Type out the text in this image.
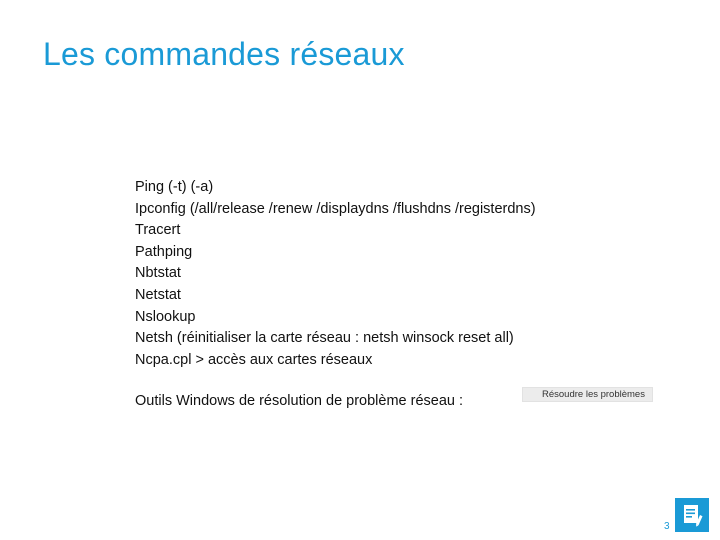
Les commandes réseaux
Ping (-t) (-a)
Ipconfig (/all/release /renew /displaydns /flushdns /registerdns)
Tracert
Pathping
Nbtstat
Netstat
Nslookup
Netsh (réinitialiser la carte réseau : netsh winsock reset all)
Ncpa.cpl > accès aux cartes réseaux
Outils Windows de résolution de problème réseau :	Résoudre les problèmes
3
